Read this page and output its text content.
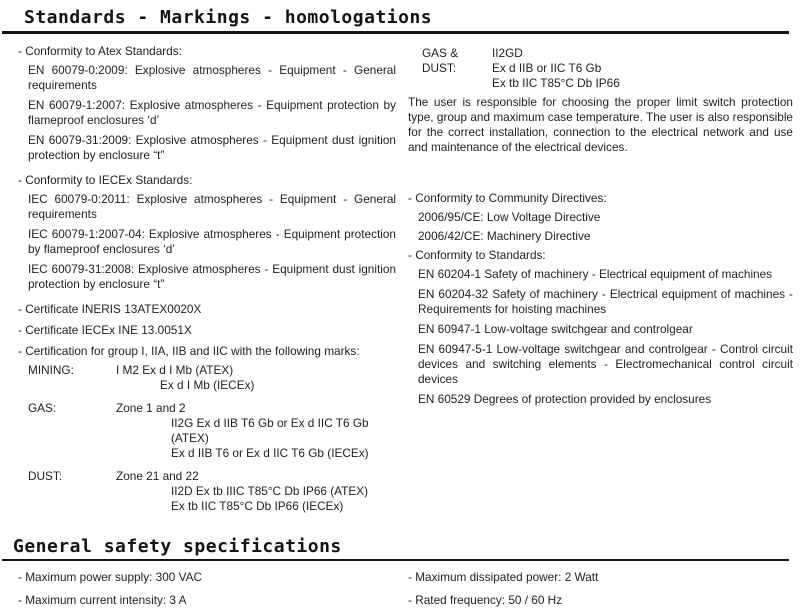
Standards - Markings - homologations

- Conformity to Atex Standards:

EN 60079-0:2009: Explosive atmospheres - Equipment - General requirements

EN 60079-1:2007: Explosive atmospheres - Equipment protection by flameproof enclosures ‘d’

EN 60079-31:2009: Explosive atmospheres - Equipment dust ignition protection by enclosure “t”

- Conformity to IECEx Standards:

IEC 60079-0:2011: Explosive atmospheres - Equipment - General requirements

IEC 60079-1:2007-04: Explosive atmospheres - Equipment protection by flameproof enclosures ‘d’

IEC 60079-31:2008: Explosive atmospheres - Equipment dust ignition protection by enclosure “t”

- Certificate INERIS 13ATEX0020X

- Certificate IECEx INE 13.0051X

- Certification for group I, IIA, IIB and IIC with the following marks:

MINING:	I M2 Ex d I Mb (ATEX)
Ex d I Mb (IECEx)
GAS:	Zone 1 and 2
II2G Ex d IIB T6 Gb or Ex d IIC T6 Gb (ATEX)
Ex d IIB T6 or Ex d IIC T6 Gb (IECEx)
DUST:	Zone 21 and 22
II2D Ex tb IIIC T85°C Db IP66 (ATEX)
Ex tb IIC T85°C Db IP66 (IECEx)
GAS & DUST:
II2GD
Ex d IIB or IIC T6 Gb
Ex tb IIC T85°C Db IP66

The user is responsible for choosing the proper limit switch protection type, group and maximum case temperature. The user is also responsible for the correct installation, connection to the electrical network and use and maintenance of the electrical devices.

- Conformity to Community Directives:

2006/95/CE: Low Voltage Directive

2006/42/CE: Machinery Directive

- Conformity to Standards:

EN 60204-1 Safety of machinery - Electrical equipment of machines

EN 60204-32 Safety of machinery - Electrical equipment of machines - Requirements for hoisting machines

EN 60947-1 Low-voltage switchgear and controlgear

EN 60947-5-1 Low-voltage switchgear and controlgear - Control circuit devices and switching elements - Electromechanical control circuit devices

EN 60529 Degrees of protection provided by enclosures

General safety specifications

- Maximum power supply: 300 VAC

- Maximum current intensity: 3 A

- Maximum dissipated power: 2 Watt

- Rated frequency: 50 / 60 Hz
